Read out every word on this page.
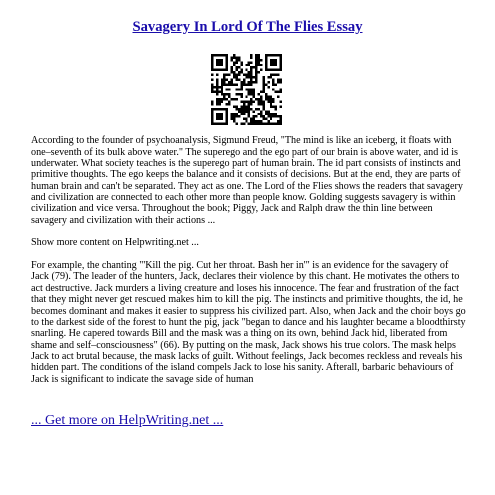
Savagery In Lord Of The Flies Essay

According to the founder of psychoanalysis, Sigmund Freud, "The mind is like an iceberg, it floats with one–seventh of its bulk above water." The superego and the ego part of our brain is above water, and id is underwater. What society teaches is the superego part of human brain. The id part consists of instincts and primitive thoughts. The ego keeps the balance and it consists of decisions. But at the end, they are parts of human brain and can't be separated. They act as one. The Lord of the Flies shows the readers that savagery and civilization are connected to each other more than people know. Golding suggests savagery is within civilization and vice versa. Throughout the book; Piggy, Jack and Ralph draw the thin line between savagery and civilization with their actions ...

Show more content on Helpwriting.net ...

For example, the chanting "'Kill the pig. Cut her throat. Bash her in'" is an evidence for the savagery of Jack (79). The leader of the hunters, Jack, declares their violence by this chant. He motivates the others to act destructive. Jack murders a living creature and loses his innocence. The fear and frustration of the fact that they might never get rescued makes him to kill the pig. The instincts and primitive thoughts, the id, he becomes dominant and makes it easier to suppress his civilized part. Also, when Jack and the choir boys go to the darkest side of the forest to hunt the pig, jack "began to dance and his laughter became a bloodthirsty snarling. He capered towards Bill and the mask was a thing on its own, behind Jack hid, liberated from shame and self–consciousness" (66). By putting on the mask, Jack shows his true colors. The mask helps Jack to act brutal because, the mask lacks of guilt. Without feelings, Jack becomes reckless and reveals his hidden part. The conditions of the island compels Jack to lose his sanity. Afterall, barbaric behaviours of Jack is significant to indicate the savage side of human

... Get more on HelpWriting.net ...
